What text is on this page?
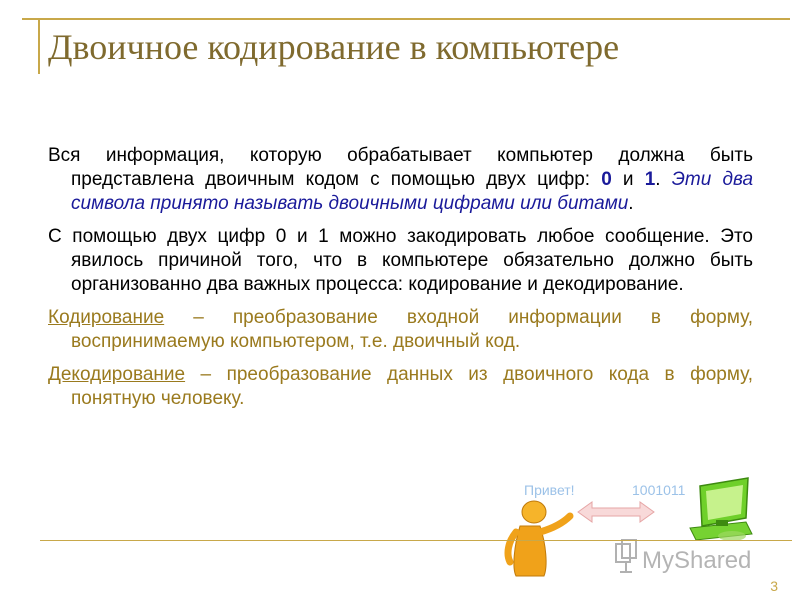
Двоичное кодирование в компьютере

Вся информация, которую обрабатывает компьютер должна быть представлена двоичным кодом с помощью двух цифр: 0 и 1. Эти два символа принято называть двоичными цифрами или битами.

С помощью двух цифр 0 и 1 можно закодировать любое сообщение. Это явилось причиной того, что в компьютере обязательно должно быть организованно два важных процесса: кодирование и декодирование.

Кодирование – преобразование входной информации в форму, воспринимаемую компьютером, т.е. двоичный код.

Декодирование – преобразование данных из двоичного кода в форму, понятную человеку.

Привет!	1001011
MyShared
3
